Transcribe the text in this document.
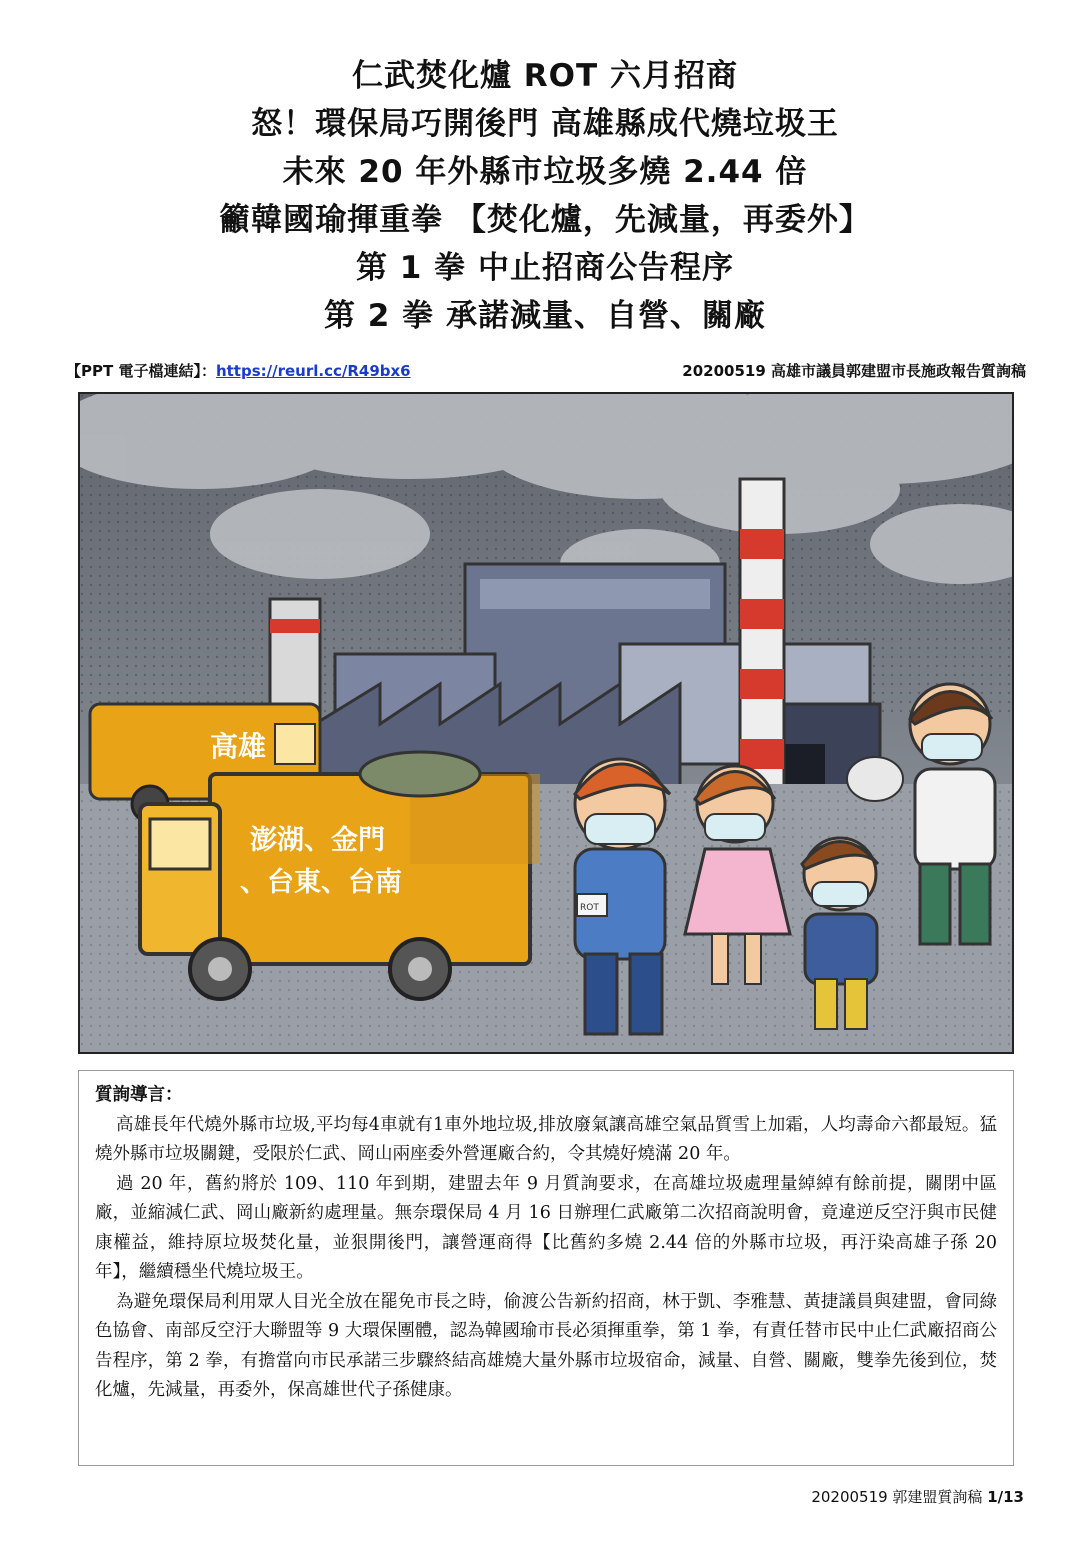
仁武焚化爐 ROT 六月招商
怒！環保局巧開後門 高雄縣成代燒垃圾王
未來 20 年外縣市垃圾多燒 2.44 倍
籲韓國瑜揮重拳 【焚化爐，先減量，再委外】
第 1 拳 中止招商公告程序
第 2 拳 承諾減量、自營、關廠
【PPT 電子檔連結】：https://reurl.cc/R49bx6	20200519 高雄市議員郭建盟市長施政報告質詢稿
高雄
澎湖、金門
、台東、台南
ROT
質詢導言：

高雄長年代燒外縣市垃圾,平均每4車就有1車外地垃圾,排放廢氣讓高雄空氣品質雪上加霜，人均壽命六都最短。猛燒外縣市垃圾關鍵，受限於仁武、岡山兩座委外營運廠合約，令其燒好燒滿 20 年。

過 20 年，舊約將於 109、110 年到期，建盟去年 9 月質詢要求，在高雄垃圾處理量綽綽有餘前提，關閉中區廠，並縮減仁武、岡山廠新約處理量。無奈環保局 4 月 16 日辦理仁武廠第二次招商說明會，竟違逆反空汙與市民健康權益，維持原垃圾焚化量，並狠開後門，讓營運商得【比舊約多燒 2.44 倍的外縣市垃圾，再汙染高雄子孫 20 年】，繼續穩坐代燒垃圾王。

為避免環保局利用眾人目光全放在罷免市長之時，偷渡公告新約招商，林于凱、李雅慧、黃捷議員與建盟，會同綠色協會、南部反空汙大聯盟等 9 大環保團體，認為韓國瑜市長必須揮重拳，第 1 拳，有責任替市民中止仁武廠招商公告程序，第 2 拳，有擔當向市民承諾三步驟終結高雄燒大量外縣市垃圾宿命，減量、自營、關廠，雙拳先後到位，焚化爐，先減量，再委外，保高雄世代子孫健康。

20200519 郭建盟質詢稿 1/13
